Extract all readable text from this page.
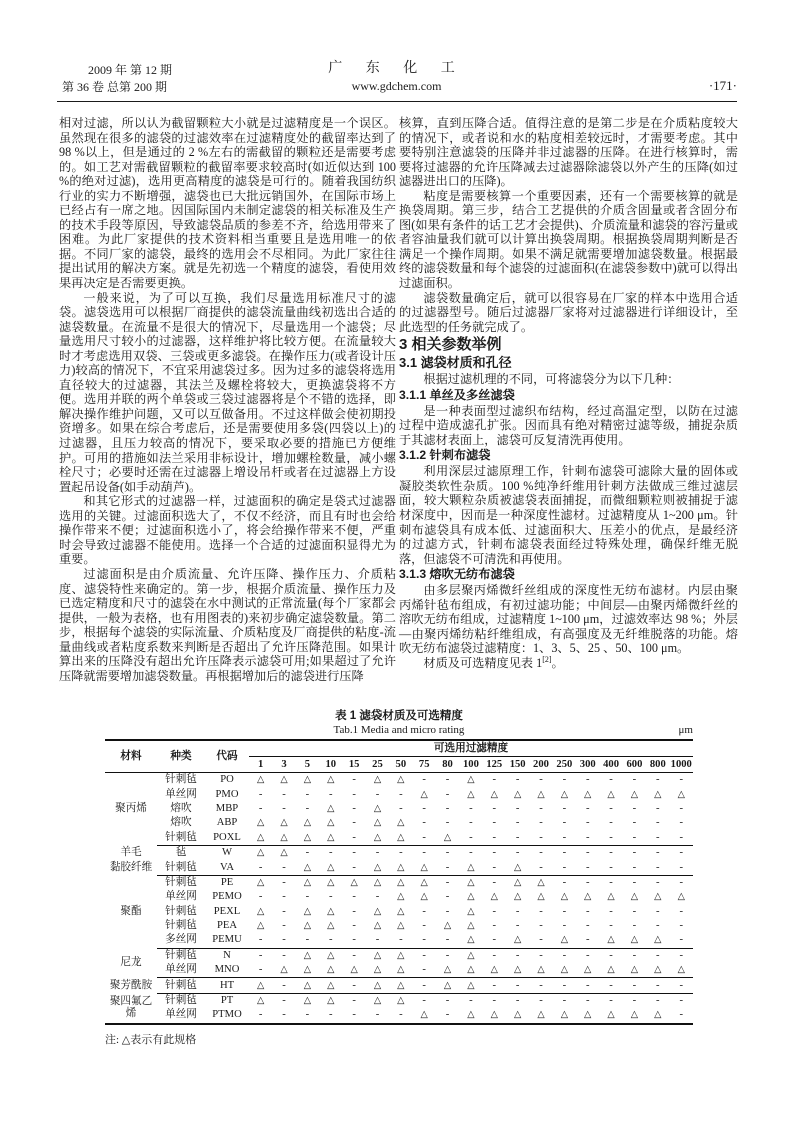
2009 年 第 12 期
第 36 卷 总第 200 期
广 东 化 工
www.gdchem.com	·171·
相对过滤，所以认为截留颗粒大小就是过滤精度是一个误区。虽然现在很多的滤袋的过滤效率在过滤精度处的截留率达到了 98 %以上，但是通过的 2 %左右的需截留的颗粒还是需要考虑的。如工艺对需截留颗粒的截留率要求较高时(如近似达到 100 %的绝对过滤)，选用更高精度的滤袋是可行的。随着我国纺织行业的实力不断增强，滤袋也已大批远销国外，在国际市场上已经占有一席之地。因国际国内未制定滤袋的相关标准及生产的技术手段等原因，导致滤袋品质的参差不齐，给选用带来了困难。为此厂家提供的技术资料相当重要且是选用唯一的依据。不同厂家的滤袋，最终的选用会不尽相同。为此厂家往往提出试用的解决方案。就是先初选一个精度的滤袋，看使用效果再决定是否需要更换。
一般来说，为了可以互换，我们尽量选用标准尺寸的滤袋。滤袋选用可以根据厂商提供的滤袋流量曲线初选出合适的滤袋数量。在流量不是很大的情况下，尽量选用一个滤袋；尽量选用尺寸较小的过滤器，这样维护将比较方便。在流量较大时才考虑选用双袋、三袋或更多滤袋。在操作压力(或者设计压力)较高的情况下，不宜采用滤袋过多。因为过多的滤袋将选用直径较大的过滤器，其法兰及螺栓将较大，更换滤袋将不方便。选用并联的两个单袋或三袋过滤器将是个不错的选择，即解决操作维护问题，又可以互做备用。不过这样做会使初期投资增多。如果在综合考虑后，还是需要使用多袋(四袋以上)的过滤器，且压力较高的情况下，要采取必要的措施已方便维护。可用的措施如法兰采用非标设计，增加螺栓数量，减小螺栓尺寸；必要时还需在过滤器上增设吊杆或者在过滤器上方设置起吊设备(如手动葫芦)。
和其它形式的过滤器一样，过滤面积的确定是袋式过滤器选用的关键。过滤面积选大了，不仅不经济，而且有时也会给操作带来不便；过滤面积选小了，将会给操作带来不便，严重时会导致过滤器不能使用。选择一个合适的过滤面积显得尤为重要。
过滤面积是由介质流量、允许压降、操作压力、介质粘度、滤袋特性来确定的。第一步，根据介质流量、操作压力及已选定精度和尺寸的滤袋在水中测试的正常流量(每个厂家都会提供，一般为表格，也有用图表的)来初步确定滤袋数量。第二步，根据每个滤袋的实际流量、介质粘度及厂商提供的粘度-流量曲线或者粘度系数来判断是否超出了允许压降范围。如果计算出来的压降没有超出允许压降表示滤袋可用;如果超过了允许压降就需要增加滤袋数量。再根据增加后的滤袋进行压降
核算，直到压降合适。值得注意的是第二步是在介质粘度较大的情况下，或者说和水的粘度相差较远时，才需要考虑。其中要特别注意滤袋的压降并非过滤器的压降。在进行核算时，需要将过滤器的允许压降减去过滤器除滤袋以外产生的压降(如过滤器进出口的压降)。
粘度是需要核算一个重要因素，还有一个需要核算的就是换袋周期。第三步，结合工艺提供的介质含固量或者含固分布图(如果有条件的话工艺才会提供)、介质流量和滤袋的容污量或者容油量我们就可以计算出换袋周期。根据换袋周期判断是否满足一个操作周期。如果不满足就需要增加滤袋数量。根据最终的滤袋数量和每个滤袋的过滤面积(在滤袋参数中)就可以得出过滤面积。
滤袋数量确定后，就可以很容易在厂家的样本中选用合适的过滤器型号。随后过滤器厂家将对过滤器进行详细设计，至此选型的任务就完成了。
3 相关参数举例
3.1 滤袋材质和孔径
根据过滤机理的不同，可将滤袋分为以下几种：
3.1.1 单丝及多丝滤袋
是一种表面型过滤织布结构，经过高温定型，以防在过滤过程中造成滤孔扩张。因而具有绝对精密过滤等级，捕捉杂质于其滤材表面上，滤袋可反复清洗再使用。
3.1.2 针刺布滤袋
利用深层过滤原理工作，针刺布滤袋可滤除大量的固体或凝胶类软性杂质。100 %纯净纤维用针刺方法做成三维过滤层面，较大颗粒杂质被滤袋表面捕捉，而微细颗粒则被捕捉于滤材深度中，因而是一种深度性滤材。过滤精度从 1~200 μm。针刺布滤袋具有成本低、过滤面积大、压差小的优点，是最经济的过滤方式，针刺布滤袋表面经过特殊处理，确保纤维无脱落，但滤袋不可清洗和再使用。
3.1.3 熔吹无纺布滤袋
由多层聚丙烯微纤丝组成的深度性无纺布滤材。内层由聚丙烯针毡布组成，有初过滤功能；中间层—由聚丙烯微纤丝的溶吹无纺布组成，过滤精度 1~100 μm，过滤效率达 98 %；外层—由聚丙烯纺粘纤维组成，有高强度及无纤维脱落的功能。熔吹无纺布滤袋过滤精度：1、3、5、25 、50、100 μm。
材质及可选精度见表 1[2]。
表 1 滤袋材质及可选精度
Tab.1 Media and micro rating	μm
材料	种类	代码	可选用过滤精度																		
			1	3	5	10	15	25	50	75	80	100	125	150	200	250	300	400	600	800	1000
聚丙烯	针刺毡	PO	△	△	△	△	-	△	△	-	-	△	-	-	-	-	-	-	-	-	-
	单丝网	PMO	-	-	-	-	-	-	-	△	-	△	△	△	△	△	△	△	△	△	△
	熔吹	MBP	-	-	-	△	-	△	-	-	-	-	-	-	-	-	-	-	-	-	-
	熔吹	ABP	△	△	△	△	-	△	△	-	-	-	-	-	-	-	-	-	-	-	-
	针刺毡	POXL	△	△	△	△	-	△	△	-	△	-	-	-	-	-	-	-	-	-	-
羊毛	毡	W	△	△	-	-	-	-	-	-	-	-	-	-	-	-	-	-	-	-	-
黏胶纤维	针刺毡	VA	-	-	△	△	-	△	△	△	-	△	-	△	-	-	-	-	-	-	-
聚酯	针刺毡	PE	△	-	△	△	△	△	△	△	-	△	-	△	△	-	-	-	-	-	-
	单丝网	PEMO	-	-	-	-	-	-	△	△	-	△	△	△	△	△	△	△	△	△	△
	针刺毡	PEXL	△	-	△	△	-	△	△	-	-	△	-	-	-	-	-	-	-	-	-
	针刺毡	PEA	△	-	△	△	-	△	△	-	△	△	-	-	-	-	-	-	-	-	-
	多丝网	PEMU	-	-	-	-	-	-	-	-	-	△	-	△	-	△	-	△	△	△	-
尼龙	针刺毡	N	-	-	△	△	-	△	△	-	-	△	-	-	-	-	-	-	-	-	-
	单丝网	MNO	-	△	△	△	△	△	△	-	△	△	△	△	△	△	△	△	△	△	△
聚芳酰胺	针刺毡	HT	△	-	△	△	-	△	△	-	△	△	-	-	-	-	-	-	-	-	-
聚四氟乙烯	针刺毡	PT	△	-	△	△	-	△	△	-	-	-	-	-	-	-	-	-	-	-	-
	单丝网	PTMO	-	-	-	-	-	-	-	△	-	△	△	△	△	△	△	△	△	△	-
注: △表示有此规格
